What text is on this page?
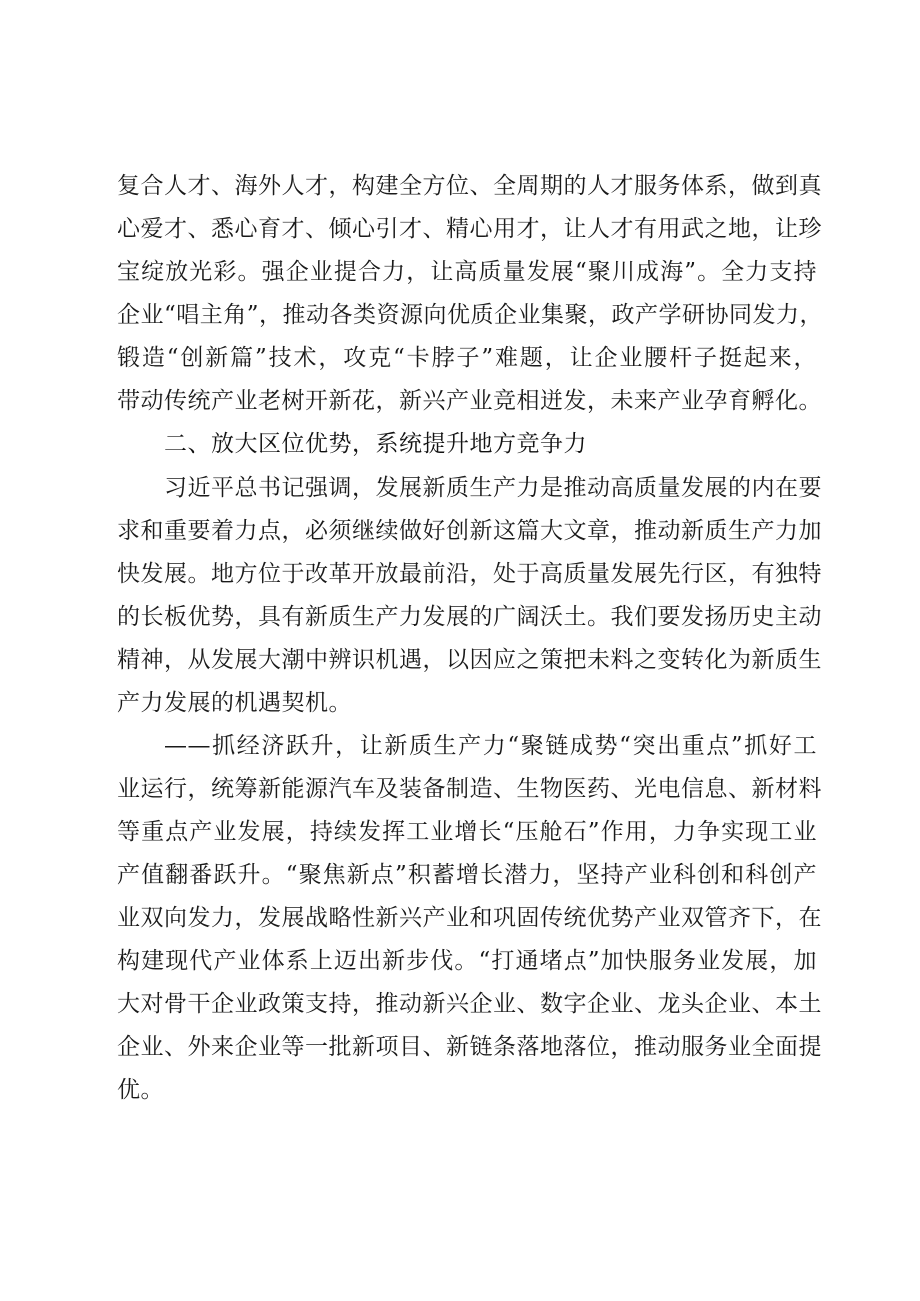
复合人才、海外人才，构建全方位、全周期的人才服务体系，做到真
心爱才、悉心育才、倾心引才、精心用才，让人才有用武之地，让珍
宝绽放光彩。强企业提合力，让高质量发展“聚川成海”。全力支持
企业“唱主角”，推动各类资源向优质企业集聚，政产学研协同发力，
锻造“创新篇”技术，攻克“卡脖子”难题，让企业腰杆子挺起来，
带动传统产业老树开新花，新兴产业竞相迸发，未来产业孕育孵化。
二、放大区位优势，系统提升地方竞争力
习近平总书记强调，发展新质生产力是推动高质量发展的内在要
求和重要着力点，必须继续做好创新这篇大文章，推动新质生产力加
快发展。地方位于改革开放最前沿，处于高质量发展先行区，有独特
的长板优势，具有新质生产力发展的广阔沃土。我们要发扬历史主动
精神，从发展大潮中辨识机遇，以因应之策把未料之变转化为新质生
产力发展的机遇契机。
——抓经济跃升，让新质生产力“聚链成势“突出重点”抓好工
业运行，统筹新能源汽车及装备制造、生物医药、光电信息、新材料
等重点产业发展，持续发挥工业增长“压舱石”作用，力争实现工业
产值翻番跃升。“聚焦新点”积蓄增长潜力，坚持产业科创和科创产
业双向发力，发展战略性新兴产业和巩固传统优势产业双管齐下，在
构建现代产业体系上迈出新步伐。“打通堵点”加快服务业发展，加
大对骨干企业政策支持，推动新兴企业、数字企业、龙头企业、本土
企业、外来企业等一批新项目、新链条落地落位，推动服务业全面提
优。
